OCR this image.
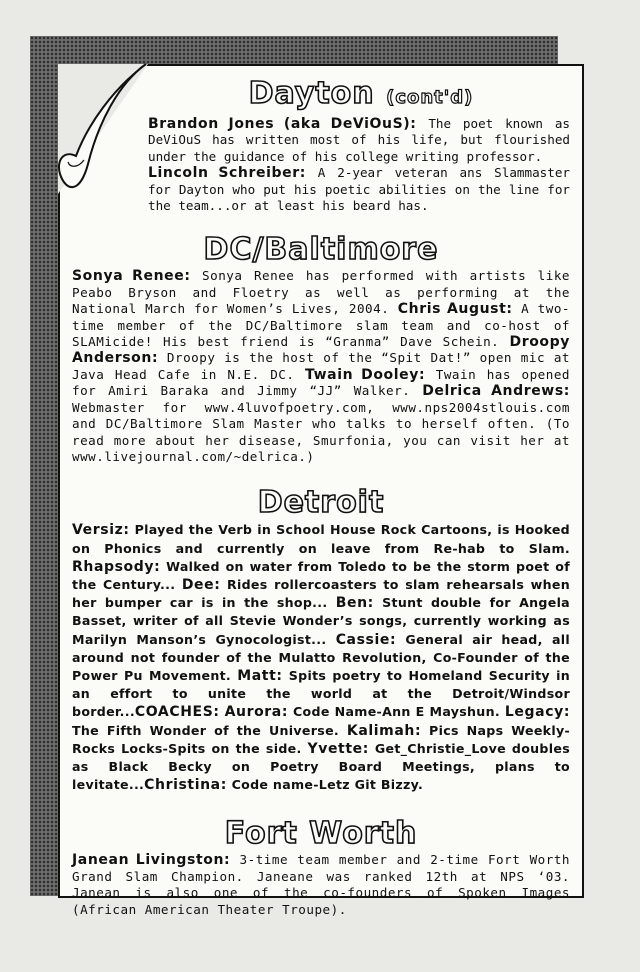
Dayton (cont'd)

Brandon Jones (aka DeViOuS): The poet known as DeViOuS has written most of his life, but flourished under the guidance of his college writing professor.

Lincoln Schreiber: A 2-year veteran ans Slammaster for Dayton who put his poetic abilities on the line for the team...or at least his beard has.

DC/Baltimore

Sonya Renee: Sonya Renee has performed with artists like Peabo Bryson and Floetry as well as performing at the National March for Women’s Lives, 2004. Chris August: A two-time member of the DC/Baltimore slam team and co-host of SLAMicide! His best friend is “Granma” Dave Schein. Droopy Anderson: Droopy is the host of the “Spit Dat!” open mic at Java Head Cafe in N.E. DC. Twain Dooley: Twain has opened for Amiri Baraka and Jimmy “JJ” Walker. Delrica Andrews: Webmaster for www.4luvofpoetry.com, www.nps2004stlouis.com and DC/Baltimore Slam Master who talks to herself often. (To read more about her disease, Smurfonia, you can visit her at www.livejournal.com/~delrica.)

Detroit

Versiz: Played the Verb in School House Rock Cartoons, is Hooked on Phonics and currently on leave from Re-hab to Slam. Rhapsody: Walked on water from Toledo to be the storm poet of the Century... Dee: Rides rollercoasters to slam rehearsals when her bumper car is in the shop... Ben: Stunt double for Angela Basset, writer of all Stevie Wonder’s songs, currently working as Marilyn Manson’s Gynocologist... Cassie: General air head, all around not founder of the Mulatto Revolution, Co-Founder of the Power Pu Movement. Matt: Spits poetry to Homeland Security in an effort to unite the world at the Detroit/Windsor border...COACHES: Aurora: Code Name-Ann E Mayshun. Legacy: The Fifth Wonder of the Universe. Kalimah: Pics Naps Weekly-Rocks Locks-Spits on the side. Yvette: Get_Christie_Love doubles as Black Becky on Poetry Board Meetings, plans to levitate...Christina: Code name-Letz Git Bizzy.

Fort Worth

Janean Livingston: 3-time team member and 2-time Fort Worth Grand Slam Champion. Janeane was ranked 12th at NPS ‘03. Janean is also one of the co-founders of Spoken Images (African American Theater Troupe).
